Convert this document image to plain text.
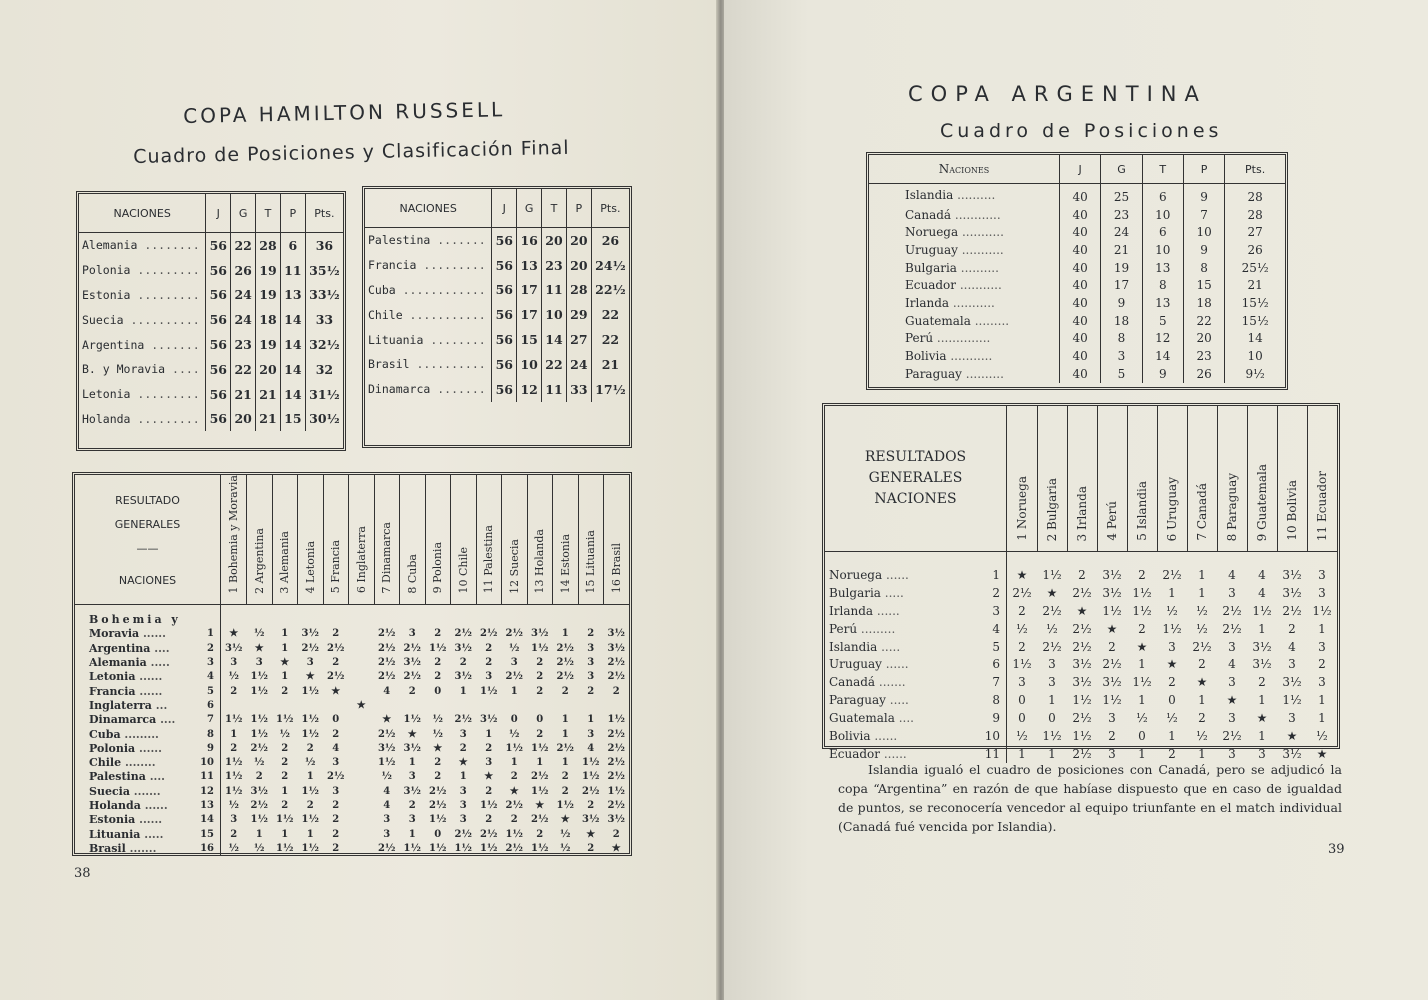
COPA HAMILTON RUSSELL
Cuadro de Posiciones y Clasificación Final
NACIONES	J	G	T	P	Pts.
Alemania ........	56	22	28	6	36
Polonia .........	56	26	19	11	35½
Estonia .........	56	24	19	13	33½
Suecia ..........	56	24	18	14	33
Argentina .......	56	23	19	14	32½
B. y Moravia ....	56	22	20	14	32
Letonia .........	56	21	21	14	31½
Holanda .........	56	20	21	15	30½
NACIONES	J	G	T	P	Pts.
Palestina .......	56	16	20	20	26
Francia .........	56	13	23	20	24½
Cuba ............	56	17	11	28	22½
Chile ...........	56	17	10	29	22
Lituania ........	56	15	14	27	22
Brasil ..........	56	10	22	24	21
Dinamarca .......	56	12	11	33	17½
RESULTADO
GENERALES
——
NACIONES		1 Bohemia y Moravia	2 Argentina	3 Alemania	4 Letonia	5 Francia	6 Inglaterra	7 Dinamarca	8 Cuba	9 Polonia	10 Chile	11 Palestina	12 Suecia	13 Holanda	14 Estonia	15 Lituania	16 Brasil
Bohemia y																	
Moravia ......	1	★	½	1	3½	2		2½	3	2	2½	2½	2½	3½	1	2	3½
Argentina ....	2	3½	★	1	2½	2½		2½	2½	1½	3½	2	½	1½	2½	3	3½
Alemania .....	3	3	3	★	3	2		2½	3½	2	2	2	3	2	2½	3	2½
Letonia ......	4	½	1½	1	★	2½		2½	2½	2	3½	3	2½	2	2½	3	2½
Francia ......	5	2	1½	2	1½	★		4	2	0	1	1½	1	2	2	2	2
Inglaterra ...	6						★										
Dinamarca ....	7	1½	1½	1½	1½	0		★	1½	½	2½	3½	0	0	1	1	1½
Cuba .........	8	1	1½	½	1½	2		2½	★	½	3	1	½	2	1	3	2½
Polonia ......	9	2	2½	2	2	4		3½	3½	★	2	2	1½	1½	2½	4	2½
Chile ........	10	1½	½	2	½	3		1½	1	2	★	3	1	1	1	1½	2½
Palestina ....	11	1½	2	2	1	2½		½	3	2	1	★	2	2½	2	1½	2½
Suecia .......	12	1½	3½	1	1½	3		4	3½	2½	3	2	★	1½	2	2½	1½
Holanda ......	13	½	2½	2	2	2		4	2	2½	3	1½	2½	★	1½	2	2½
Estonia ......	14	3	1½	1½	1½	2		3	3	1½	3	2	2	2½	★	3½	3½
Lituania .....	15	2	1	1	1	2		3	1	0	2½	2½	1½	2	½	★	2
Brasil .......	16	½	½	1½	1½	2		2½	1½	1½	1½	1½	2½	1½	½	2	★
38
COPA ARGENTINA
Cuadro de Posiciones
Naciones	J	G	T	P	Pts.
Islandia ..........	40	25	6	9	28
Canadá ............	40	23	10	7	28
Noruega ...........	40	24	6	10	27
Uruguay ...........	40	21	10	9	26
Bulgaria ..........	40	19	13	8	25½
Ecuador ...........	40	17	8	15	21
Irlanda ...........	40	9	13	18	15½
Guatemala .........	40	18	5	22	15½
Perú ..............	40	8	12	20	14
Bolivia ...........	40	3	14	23	10
Paraguay ..........	40	5	9	26	9½
RESULTADOS
GENERALES
NACIONES		1 Noruega	2 Bulgaria	3 Irlanda	4 Perú	5 Islandia	6 Uruguay	7 Canadá	8 Paraguay	9 Guatemala	10 Bolivia	11 Ecuador
Noruega ......	1	★	1½	2	3½	2	2½	1	4	4	3½	3
Bulgaria .....	2	2½	★	2½	3½	1½	1	1	3	4	3½	3
Irlanda ......	3	2	2½	★	1½	1½	½	½	2½	1½	2½	1½
Perú .........	4	½	½	2½	★	2	1½	½	2½	1	2	1
Islandia .....	5	2	2½	2½	2	★	3	2½	3	3½	4	3
Uruguay ......	6	1½	3	3½	2½	1	★	2	4	3½	3	2
Canadá .......	7	3	3	3½	3½	1½	2	★	3	2	3½	3
Paraguay .....	8	0	1	1½	1½	1	0	1	★	1	1½	1
Guatemala ....	9	0	0	2½	3	½	½	2	3	★	3	1
Bolivia ......	10	½	1½	1½	2	0	1	½	2½	1	★	½
Ecuador ......	11	1	1	2½	3	1	2	1	3	3	3½	★
Islandia igualó el cuadro de posiciones con Canadá, pero se adjudicó la copa “Argentina” en razón de que habíase dispuesto que en caso de igualdad de puntos, se reconocería vencedor al equipo triunfante en el match individual (Canadá fué vencida por Islandia).
39
